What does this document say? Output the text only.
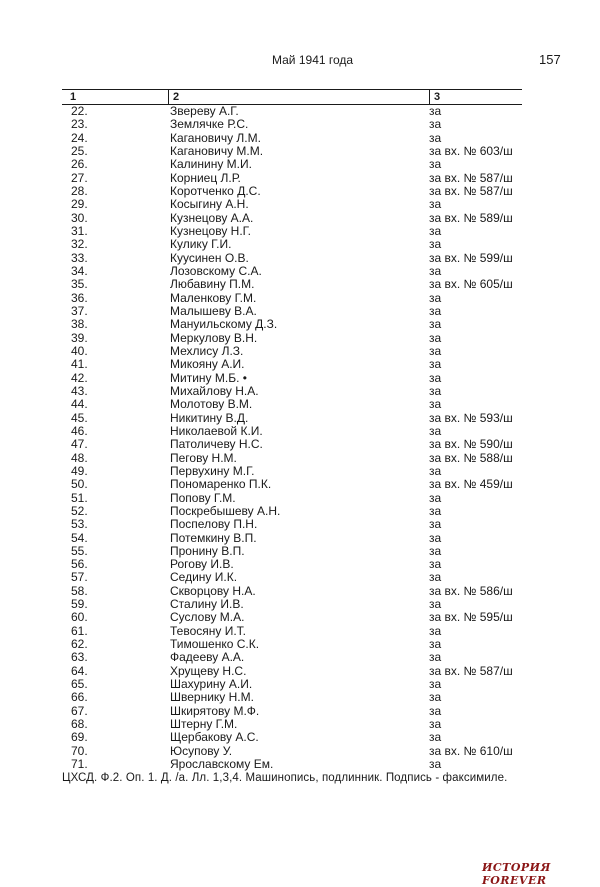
Май 1941 года	157
1	2	3
22.	Звереву А.Г.	за
23.	Землячке Р.С.	за
24.	Кагановичу Л.М.	за
25.	Кагановичу М.М.	за вх. № 603/ш
26.	Калинину М.И.	за
27.	Корниец Л.Р.	за вх. № 587/ш
28.	Коротченко Д.С.	за вх. № 587/ш
29.	Косыгину А.Н.	за
30.	Кузнецову А.А.	за вх. № 589/ш
31.	Кузнецову Н.Г.	за
32.	Кулику Г.И.	за
33.	Куусинен О.В.	за вх. № 599/ш
34.	Лозовскому С.А.	за
35.	Любавину П.М.	за вх. № 605/ш
36.	Маленкову Г.М.	за
37.	Малышеву В.А.	за
38.	Мануильскому Д.З.	за
39.	Меркулову В.Н.	за
40.	Мехлису Л.З.	за
41.	Микояну А.И.	за
42.	Митину М.Б. •	за
43.	Михайлову Н.А.	за
44.	Молотову В.М.	за
45.	Никитину В.Д.	за вх. № 593/ш
46.	Николаевой К.И.	за
47.	Патоличеву Н.С.	за вх. № 590/ш
48.	Пегову Н.М.	за вх. № 588/ш
49.	Первухину М.Г.	за
50.	Пономаренко П.К.	за вх. № 459/ш
51.	Попову Г.М.	за
52.	Поскребышеву А.Н.	за
53.	Поспелову П.Н.	за
54.	Потемкину В.П.	за
55.	Пронину В.П.	за
56.	Рогову И.В.	за
57.	Седину И.К.	за
58.	Скворцову Н.А.	за вх. № 586/ш
59.	Сталину И.В.	за
60.	Суслову М.А.	за вх. № 595/ш
61.	Тевосяну И.Т.	за
62.	Тимошенко С.К.	за
63.	Фадееву А.А.	за
64.	Хрущеву Н.С.	за вх. № 587/ш
65.	Шахурину А.И.	за
66.	Швернику Н.М.	за
67.	Шкирятову М.Ф.	за
68.	Штерну Г.М.	за
69.	Щербакову А.С.	за
70.	Юсупову У.	за вх. № 610/ш
71.	Ярославскому Ем.	за
ЦХСД. Ф.2. Оп. 1. Д. /а. Лл. 1,3,4. Машинопись, подлинник. Подпись - факсимиле.
ИСТОРИЯ FOREVER
